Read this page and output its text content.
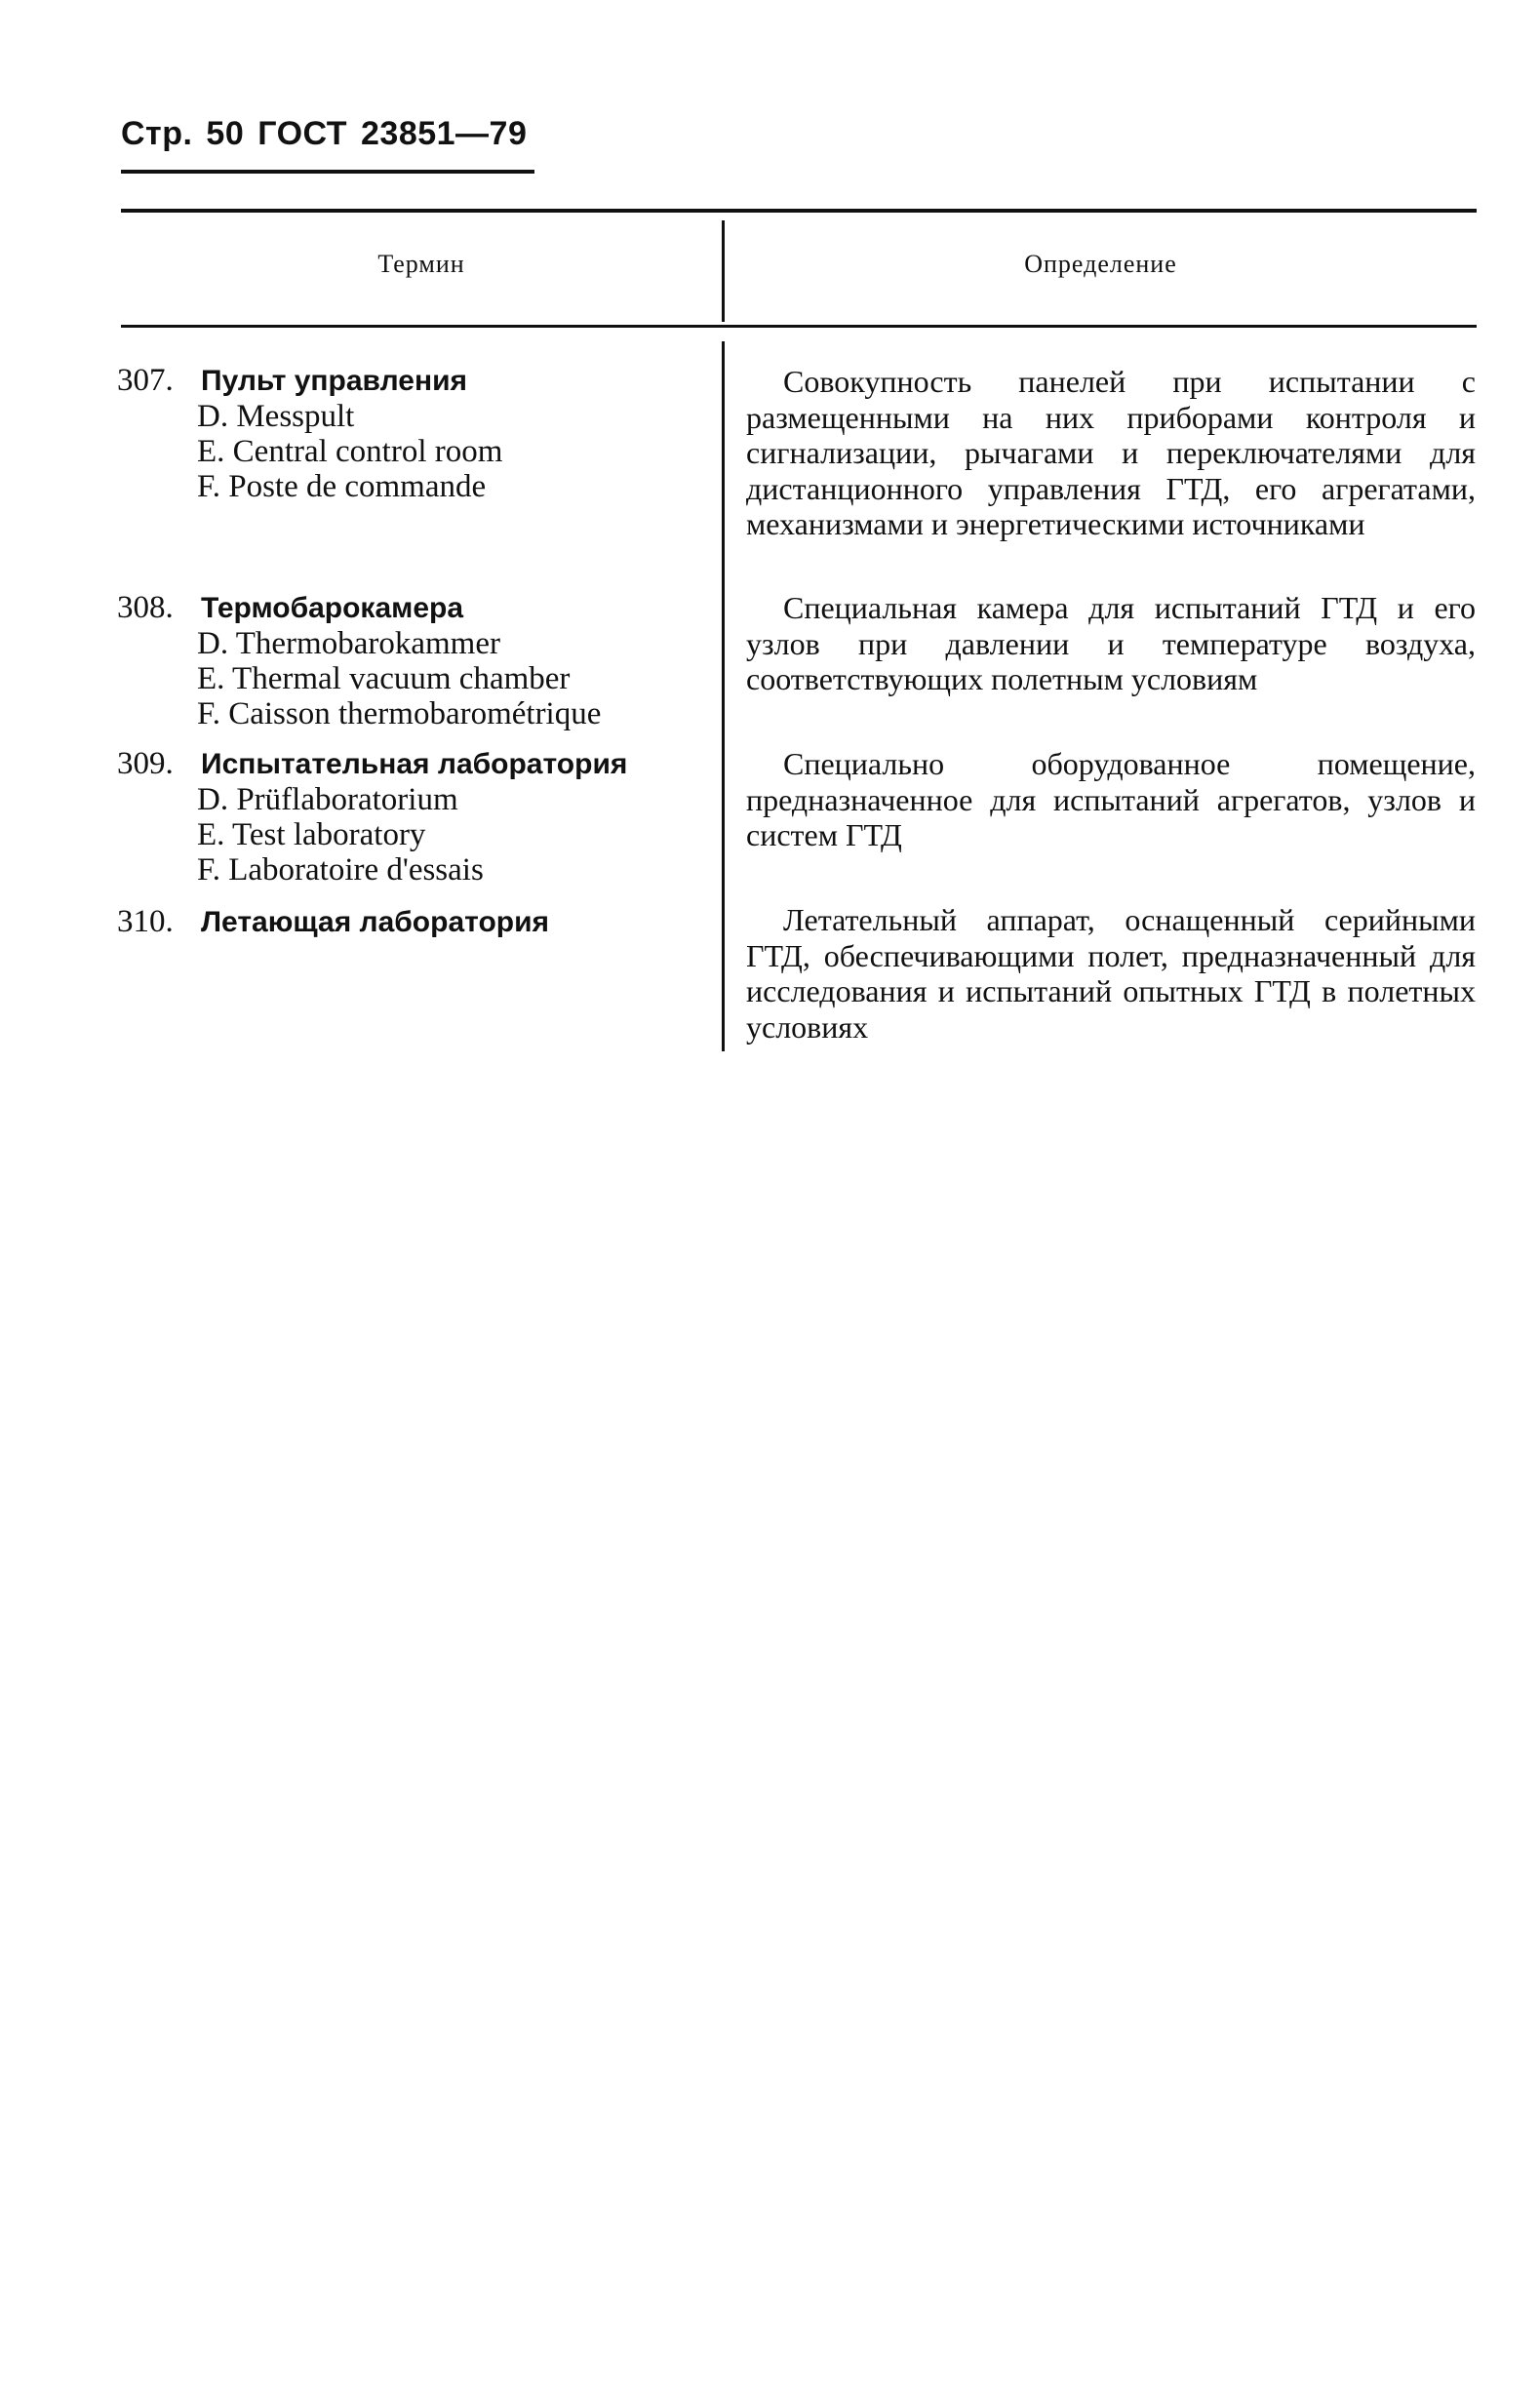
Стр. 50 ГОСТ 23851—79
Термин	Определение
307. Пульт управления
D. Messpult
E. Central control room
F. Poste de commande
Совокупность панелей при испытании с размещенными на них приборами контроля и сигнализации, рычагами и переключателями для дистанционного управления ГТД, его агрегатами, механизмами и энергетическими источниками
308. Термобарокамера
D. Thermobarokammer
E. Thermal vacuum chamber
F. Caisson thermobarométrique
Специальная камера для испытаний ГТД и его узлов при давлении и температуре воздуха, соответствующих полетным условиям
309. Испытательная лаборатория
D. Prüflaboratorium
E. Test laboratory
F. Laboratoire d'essais
Специально оборудованное помещение, предназначенное для испытаний агрегатов, узлов и систем ГТД
310. Летающая лаборатория	Летательный аппарат, оснащенный серийными ГТД, обеспечивающими полет, предназначенный для исследования и испытаний опытных ГТД в полетных условиях
